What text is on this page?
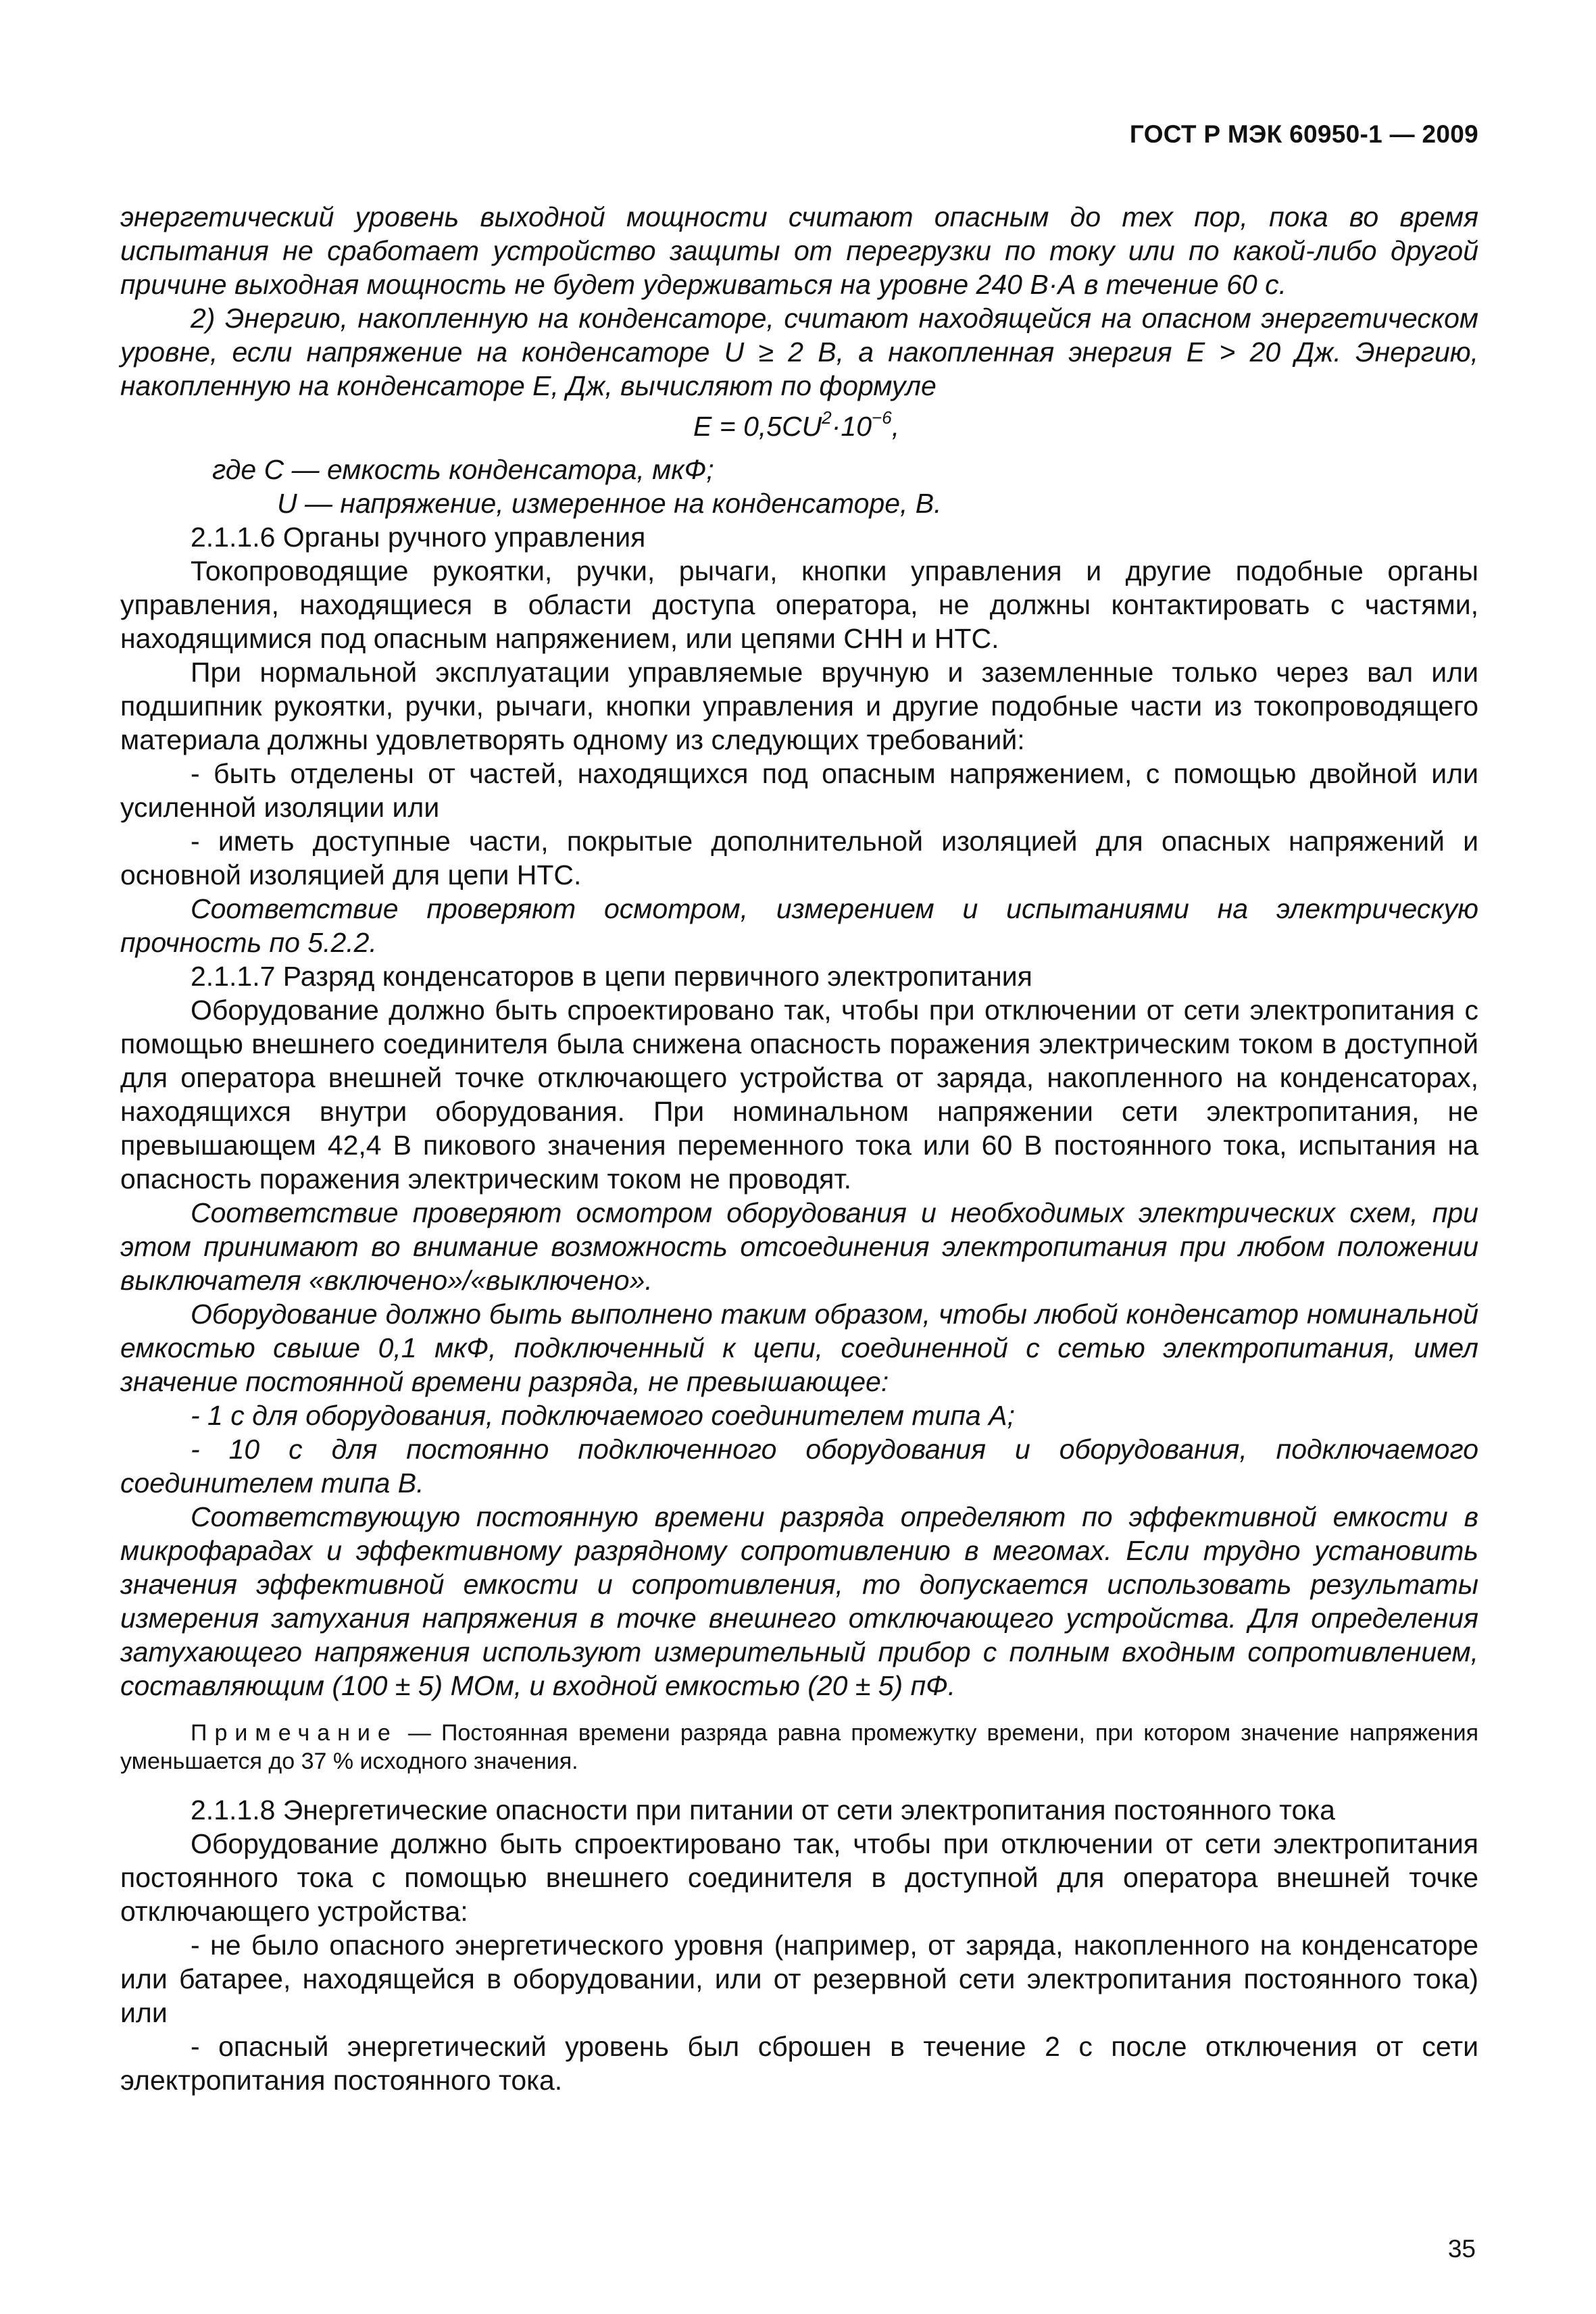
ГОСТ Р МЭК 60950-1 — 2009

энергетический уровень выходной мощности считают опасным до тех пор, пока во время испытания не сработает устройство защиты от перегрузки по току или по какой-либо другой причине выходная мощность не будет удерживаться на уровне 240 В·А в течение 60 с.

2) Энергию, накопленную на конденсаторе, считают находящейся на опасном энергетическом уровне, если напряжение на конденсаторе U ≥ 2 В, а накопленная энергия E > 20 Дж. Энергию, накопленную на конденсаторе E, Дж, вычисляют по формуле

$E = 0,5CU^2\cdot 10^{-6}$,

где C — емкость конденсатора, мкФ;

U — напряжение, измеренное на конденсаторе, В.

2.1.1.6 Органы ручного управления

Токопроводящие рукоятки, ручки, рычаги, кнопки управления и другие подобные органы управления, находящиеся в области доступа оператора, не должны контактировать с частями, находящимися под опасным напряжением, или цепями СНН и НТС.

При нормальной эксплуатации управляемые вручную и заземленные только через вал или подшипник рукоятки, ручки, рычаги, кнопки управления и другие подобные части из токопроводящего материала должны удовлетворять одному из следующих требований:

- быть отделены от частей, находящихся под опасным напряжением, с помощью двойной или усиленной изоляции или

- иметь доступные части, покрытые дополнительной изоляцией для опасных напряжений и основной изоляцией для цепи НТС.

Соответствие проверяют осмотром, измерением и испытаниями на электрическую прочность по 5.2.2.

2.1.1.7 Разряд конденсаторов в цепи первичного электропитания

Оборудование должно быть спроектировано так, чтобы при отключении от сети электропитания с помощью внешнего соединителя была снижена опасность поражения электрическим током в доступной для оператора внешней точке отключающего устройства от заряда, накопленного на конденсаторах, находящихся внутри оборудования. При номинальном напряжении сети электропитания, не превышающем 42,4 В пикового значения переменного тока или 60 В постоянного тока, испытания на опасность поражения электрическим током не проводят.

Соответствие проверяют осмотром оборудования и необходимых электрических схем, при этом принимают во внимание возможность отсоединения электропитания при любом положении выключателя «включено»/«выключено».

Оборудование должно быть выполнено таким образом, чтобы любой конденсатор номинальной емкостью свыше 0,1 мкФ, подключенный к цепи, соединенной с сетью электропитания, имел значение постоянной времени разряда, не превышающее:

- 1 с для оборудования, подключаемого соединителем типа А;

- 10 с для постоянно подключенного оборудования и оборудования, подключаемого соединителем типа В.

Соответствующую постоянную времени разряда определяют по эффективной емкости в микрофарадах и эффективному разрядному сопротивлению в мегомах. Если трудно установить значения эффективной емкости и сопротивления, то допускается использовать результаты измерения затухания напряжения в точке внешнего отключающего устройства. Для определения затухающего напряжения используют измерительный прибор с полным входным сопротивлением, составляющим (100 ± 5) МОм, и входной емкостью (20 ± 5) пФ.

Примечание — Постоянная времени разряда равна промежутку времени, при котором значение напряжения уменьшается до 37 % исходного значения.

2.1.1.8 Энергетические опасности при питании от сети электропитания постоянного тока

Оборудование должно быть спроектировано так, чтобы при отключении от сети электропитания постоянного тока с помощью внешнего соединителя в доступной для оператора внешней точке отключающего устройства:

- не было опасного энергетического уровня (например, от заряда, накопленного на конденсаторе или батарее, находящейся в оборудовании, или от резервной сети электропитания постоянного тока) или

- опасный энергетический уровень был сброшен в течение 2 с после отключения от сети электропитания постоянного тока.

35
